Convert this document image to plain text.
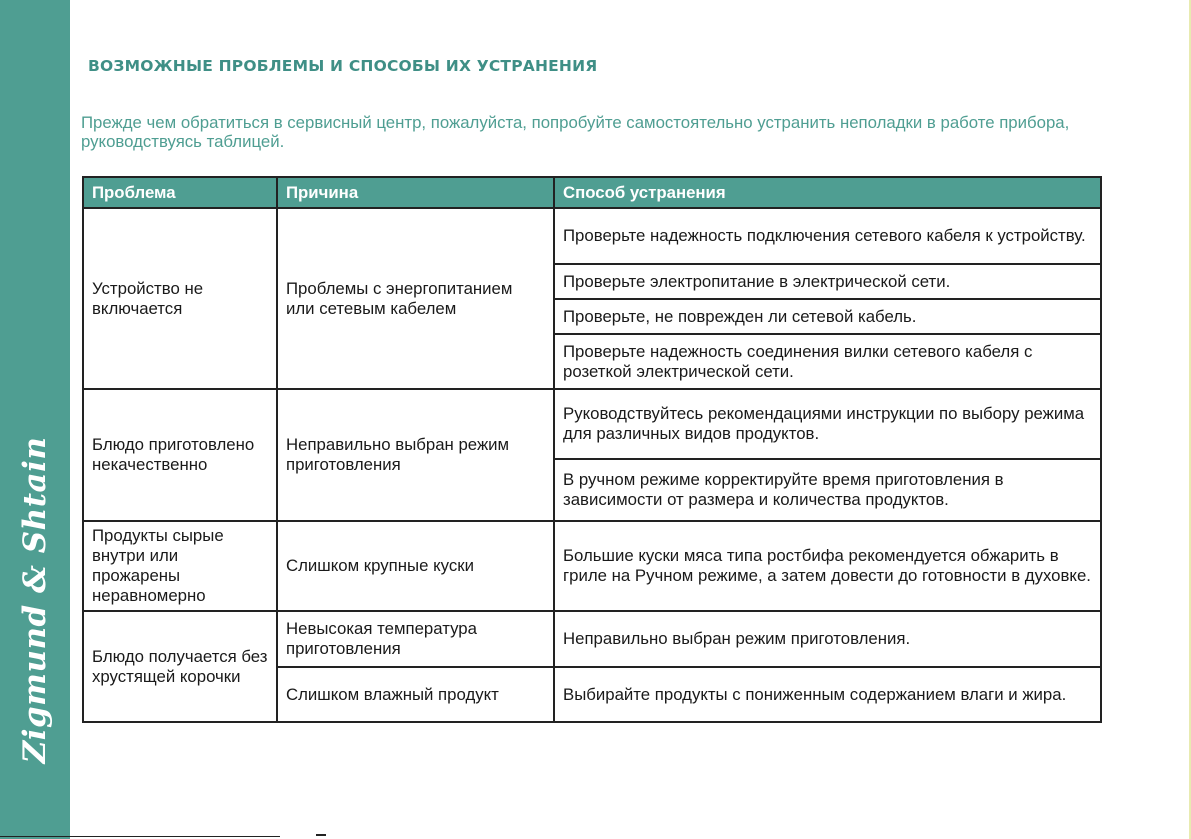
Zigmund & Shtain
ВОЗМОЖНЫЕ ПРОБЛЕМЫ И СПОСОБЫ ИХ УСТРАНЕНИЯ

Прежде чем обратиться в сервисный центр, пожалуйста, попробуйте самостоятельно устранить неполадки в работе прибора, руководствуясь таблицей.

Проблема	Причина	Способ устранения
Устройство не включается	Проблемы с энергопитанием или сетевым кабелем	Проверьте надежность подключения сетевого кабеля к устройству.
		Проверьте электропитание в электрической сети.
		Проверьте, не поврежден ли сетевой кабель.
		Проверьте надежность соединения вилки сетевого кабеля с розеткой электрической сети.
Блюдо приготовлено некачественно	Неправильно выбран режим приготовления	Руководствуйтесь рекомендациями инструкции по выбору режима для различных видов продуктов.
		В ручном режиме корректируйте время приготовления в зависимости от размера и количества продуктов.
Продукты сырые внутри или прожарены неравномерно	Слишком крупные куски	Большие куски мяса типа ростбифа рекомендуется обжарить в гриле на Ручном режиме, а затем довести до готовности в духовке.
Блюдо получается без хрустящей корочки	Невысокая температура приготовления	Неправильно выбран режим приготовления.
	Слишком влажный продукт	Выбирайте продукты с пониженным содержанием влаги и жира.
